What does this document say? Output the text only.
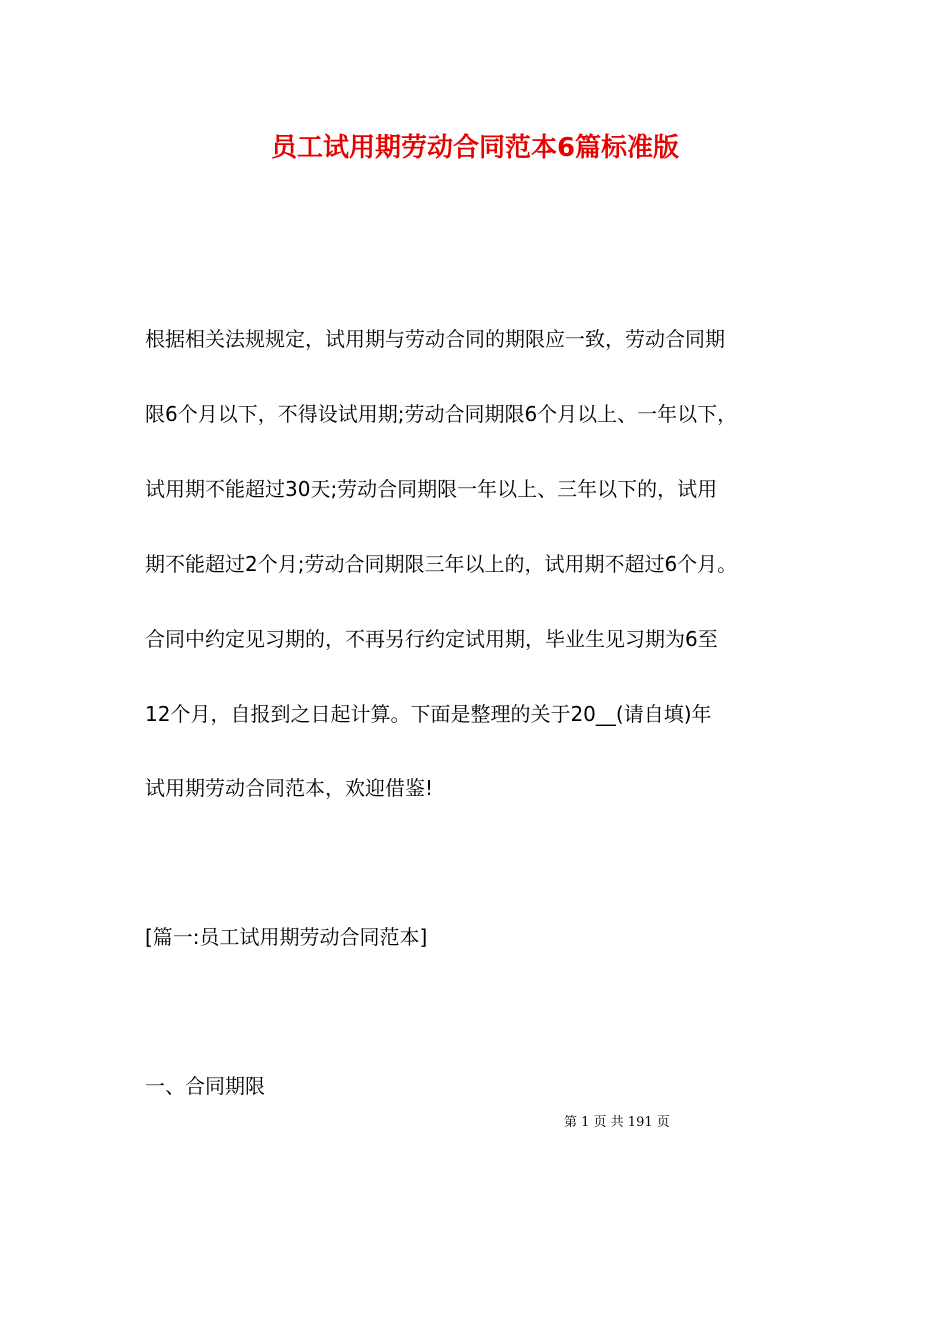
员工试用期劳动合同范本6篇标准版
根据相关法规规定，试用期与劳动合同的期限应一致，劳动合同期
限6个月以下，不得设试用期;劳动合同期限6个月以上、一年以下，
试用期不能超过30天;劳动合同期限一年以上、三年以下的，试用
期不能超过2个月;劳动合同期限三年以上的，试用期不超过6个月。
合同中约定见习期的，不再另行约定试用期，毕业生见习期为6至
12个月，自报到之日起计算。下面是整理的关于20__(请自填)年
试用期劳动合同范本，欢迎借鉴!
[篇一:员工试用期劳动合同范本]
一、合同期限
第 1 页 共 191 页
